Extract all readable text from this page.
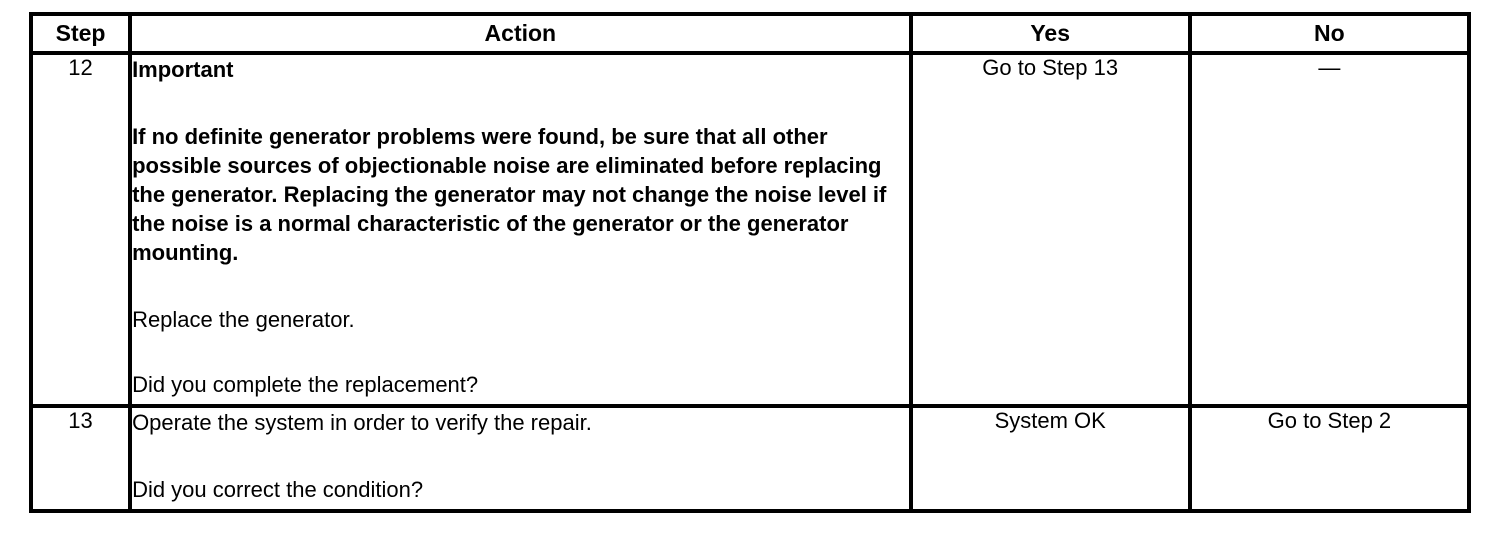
Step	Action	Yes	No
12	Important

If no definite generator problems were found, be sure that all other possible sources of objectionable noise are eliminated before replacing the generator. Replacing the generator may not change the noise level if the noise is a normal characteristic of the generator or the generator mounting.

Replace the generator.

Did you complete the replacement?	Go to Step 13	—
13	Operate the system in order to verify the repair.

Did you correct the condition?	System OK	Go to Step 2
